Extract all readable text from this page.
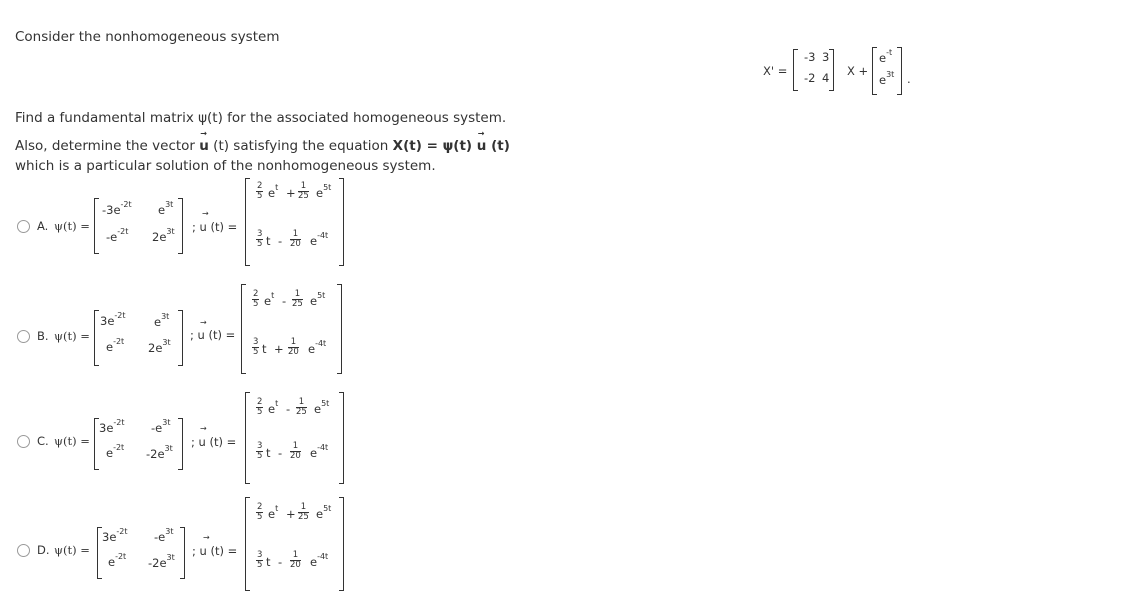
Consider the nonhomogeneous system
X' =
-3 3
-2 4 X +
$e^{-t}$
$e^{3t}$ .
Find a fundamental matrix ψ(t) for the associated homogeneous system.
Also, determine the vector
→
u (t) satisfying the equation X(t) = ψ(t)
→
u (t)
which is a particular solution of the nonhomogeneous system.
A. ψ(t) =
$-3e^{-2t}$ $e^{3t}$
$-e^{-2t}$ $2e^{3t}$
→
; u (t) =
$\frac{2}{5} e^t + \frac{1}{25} e^{5t}$
$\frac{3}{5}$ t - $\frac{1}{20} e^{-4t}$
B. ψ(t) =
$3e^{-2t}$ $e^{3t}$
$e^{-2t}$ $2e^{3t}$
→
; u (t) =
$\frac{2}{5} e^t - \frac{1}{25} e^{5t}$
$\frac{3}{5}$ $t + \frac{1}{20} e^{-4t}$
C. ψ(t) =
$3e^{-2t}$ $-e^{3t}$
$e^{-2t}$ $-2e^{3t}$
→
; u (t) =
$\frac{2}{5} e^t - \frac{1}{25} e^{5t}$
$\frac{3}{5}$ t - $\frac{1}{20} e^{-4t}$
D. ψ(t) =
$3e^{-2t}$ $-e^{3t}$
$e^{-2t}$ $-2e^{3t}$
→
; u (t) =
$\frac{2}{5} e^t + \frac{1}{25} e^{5t}$
$\frac{3}{5}$ t - $\frac{1}{20} e^{-4t}$
